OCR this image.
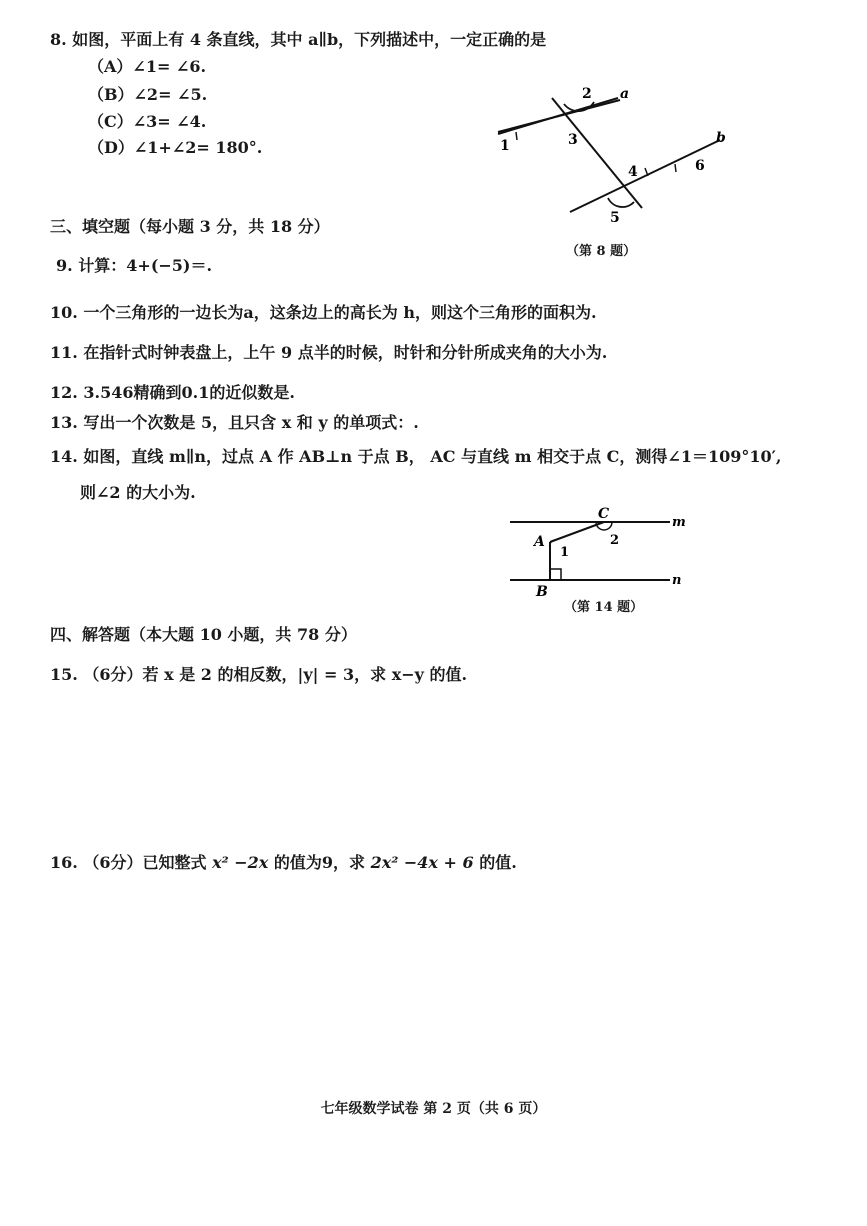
8. 如图，平面上有 4 条直线，其中 a∥b，下列描述中，一定正确的是
（A）∠1= ∠6.
（B）∠2= ∠5.
（C）∠3= ∠4.
（D）∠1+∠2= 180°.	1
2 a
3
4
5
6
b
（第 8 题）
三、填空题（每小题 3 分，共 18 分）
9. 计算：4+(−5)＝.
10. 一个三角形的一边长为a，这条边上的高长为 h，则这个三角形的面积为.
11. 在指针式时钟表盘上，上午 9 点半的时候，时针和分针所成夹角的大小为.
12. 3.546精确到0.1的近似数是.
13. 写出一个次数是 5，且只含 x 和 y 的单项式：.
14. 如图，直线 m∥n，过点 A 作 AB⊥n 于点 B， AC 与直线 m 相交于点 C，测得∠1＝109°10′,
则∠2 的大小为.
C
m
A
1
2
n
B
（第 14 题）
四、解答题（本大题 10 小题，共 78 分）
15. （6分）若 x 是 2 的相反数，|y| = 3，求 x−y 的值.
16. （6分）已知整式 x² −2x 的值为9，求 2x² −4x + 6 的值.
七年级数学试卷 第 2 页（共 6 页）
